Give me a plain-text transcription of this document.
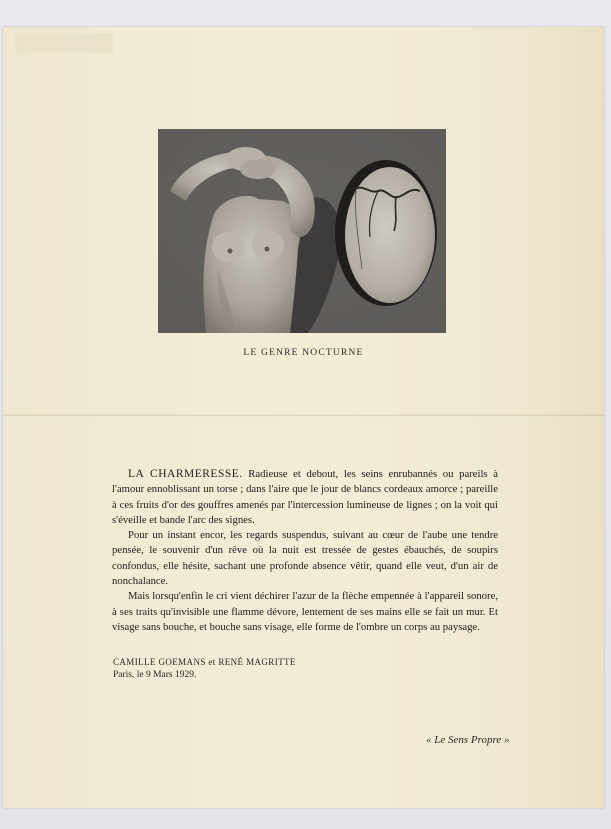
LE GENRE NOCTURNE

LA CHARMERESSE. Radieuse et debout, les seins enrubannés ou pareils à l'amour ennoblissant un torse ; dans l'aire que le jour de blancs cordeaux amorce ; pareille à ces fruits d'or des gouffres amenés par l'intercession lumineuse de lignes ; on la voit qui s'éveille et bande l'arc des signes.

Pour un instant encor, les regards suspendus, suivant au cœur de l'aube une tendre pensée, le souvenir d'un rêve où la nuit est tressée de gestes ébauchés, de soupirs confondus, elle hésite, sachant une profonde absence vêtir, quand elle veut, d'un air de nonchalance.

Mais lorsqu'enfin le cri vient déchirer l'azur de la flèche empennée à l'appareil sonore, à ses traits qu'invisible une flamme dévore, lentement de ses mains elle se fait un mur. Et visage sans bouche, et bouche sans visage, elle forme de l'ombre un corps au paysage.

CAMILLE GOEMANS et RENÉ MAGRITTE
Paris, le 9 Mars 1929.
« Le Sens Propre »
